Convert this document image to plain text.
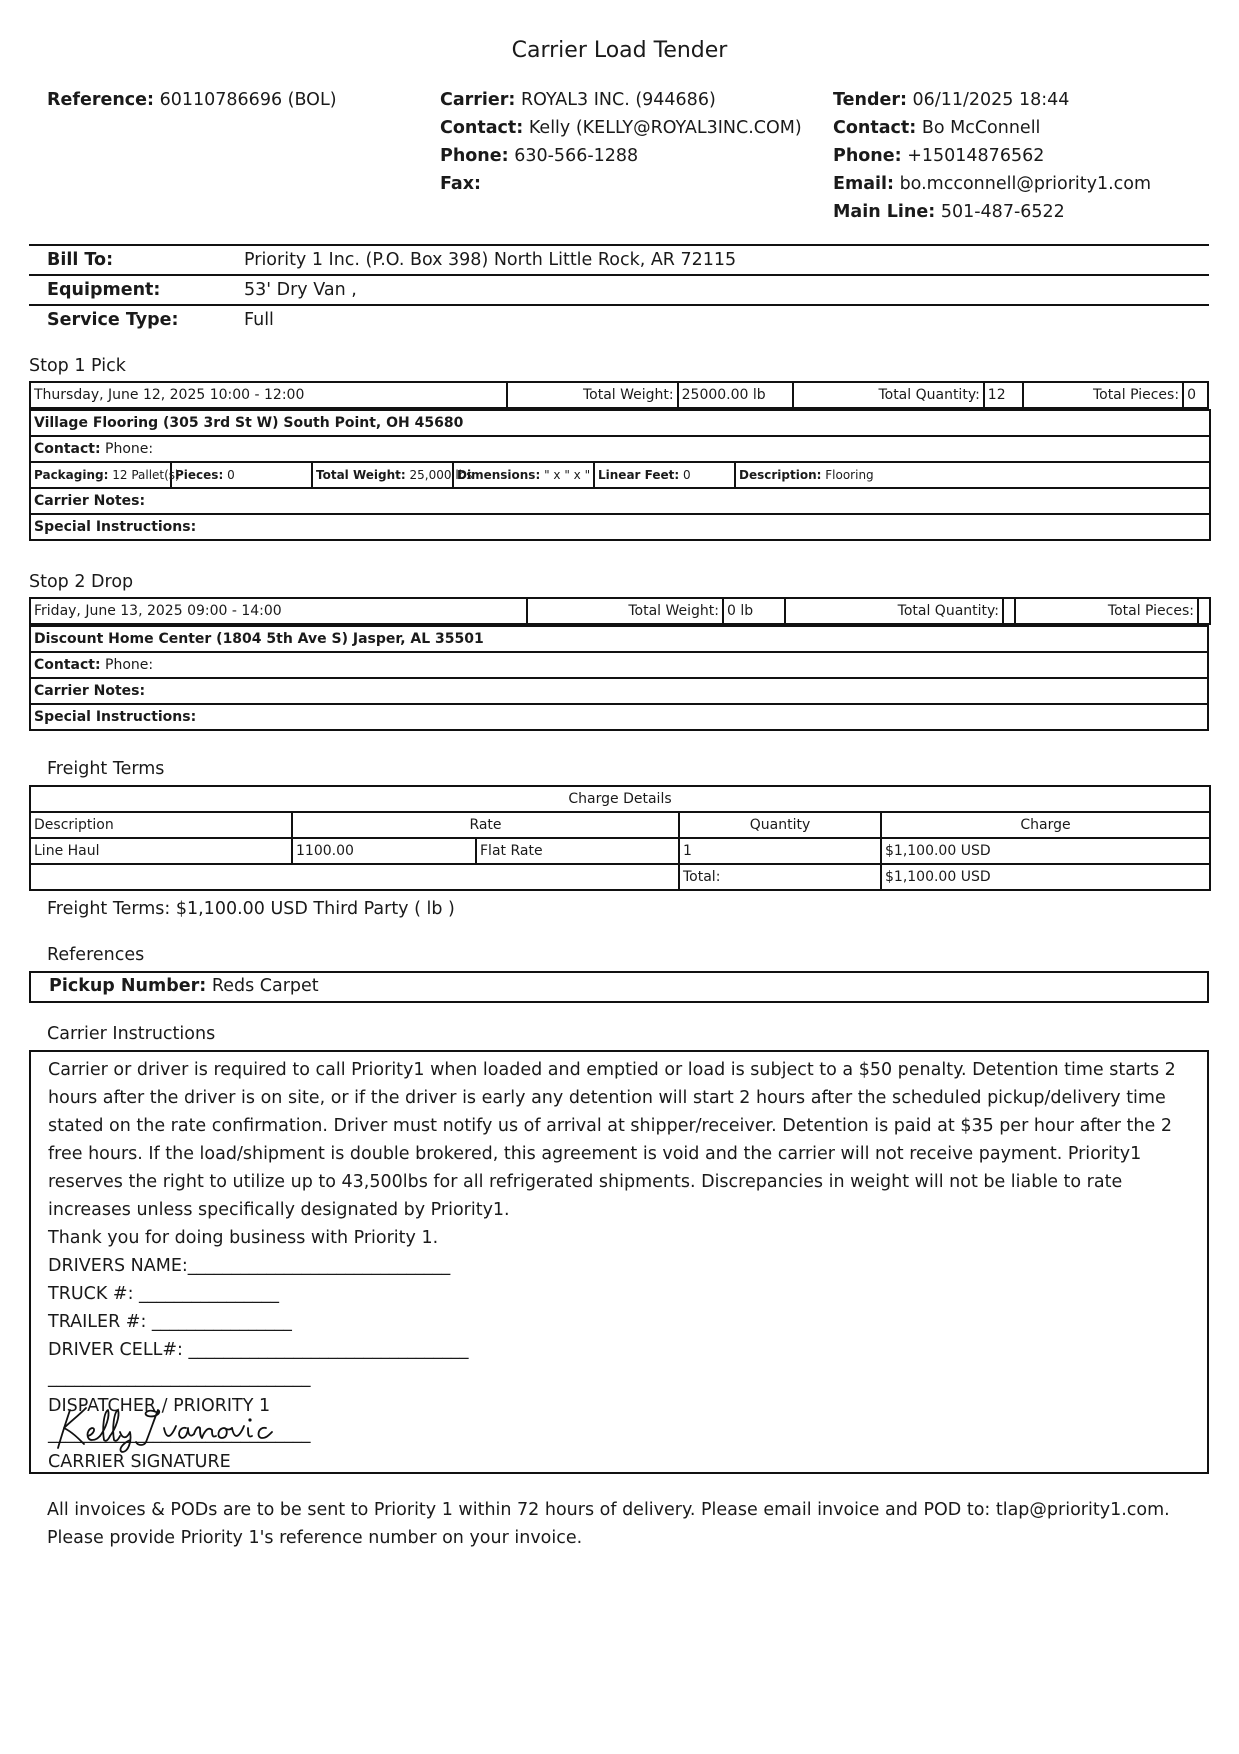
Carrier Load Tender
Reference: 60110786696 (BOL)	Carrier: ROYAL3 INC. (944686)
Contact: Kelly (KELLY@ROYAL3INC.COM)
Phone: 630-566-1288
Fax:
Tender: 06/11/2025 18:44
Contact: Bo McConnell
Phone: +15014876562
Email: bo.mcconnell@priority1.com
Main Line: 501-487-6522
Bill To:	Priority 1 Inc. (P.O. Box 398) North Little Rock, AR 72115
Equipment:	53' Dry Van ,
Service Type:	Full
Stop 1 Pick
Thursday, June 12, 2025 10:00 - 12:00	Total Weight:	25000.00 lb	Total Quantity:	12	Total Pieces:	0
Village Flooring (305 3rd St W) South Point, OH 45680
Contact: Phone:
Packaging: 12 Pallet(s)	Pieces: 0	Total Weight: 25,000 lbs	Dimensions: " x " x "	Linear Feet: 0	Description: Flooring
Carrier Notes:
Special Instructions:
Stop 2 Drop
Friday, June 13, 2025 09:00 - 14:00	Total Weight:	0 lb	Total Quantity:		Total Pieces:	
Discount Home Center (1804 5th Ave S) Jasper, AL 35501
Contact: Phone:
Carrier Notes:
Special Instructions:
Freight Terms
Charge Details				
Description	Rate		Quantity	Charge
Line Haul	1100.00	Flat Rate	1	$1,100.00 USD
			Total:	$1,100.00 USD
Freight Terms: $1,100.00 USD Third Party ( lb )
References
Pickup Number: Reds Carpet
Carrier Instructions

Carrier or driver is required to call Priority1 when loaded and emptied or load is subject to a $50 penalty. Detention time starts 2 hours after the driver is on site, or if the driver is early any detention will start 2 hours after the scheduled pickup/delivery time stated on the rate confirmation. Driver must notify us of arrival at shipper/receiver. Detention is paid at $35 per hour after the 2 free hours. If the load/shipment is double brokered, this agreement is void and the carrier will not receive payment. Priority1 reserves the right to utilize up to 43,500lbs for all refrigerated shipments. Discrepancies in weight will not be liable to rate increases unless specifically designated by Priority1.

Thank you for doing business with Priority 1.

DRIVERS NAME:______________________________

TRUCK #: ________________

TRAILER #: ________________

DRIVER CELL#: ________________________________

______________________________

DISPATCHER / PRIORITY 1

______________________________

CARRIER SIGNATURE

All invoices & PODs are to be sent to Priority 1 within 72 hours of delivery. Please email invoice and POD to: tlap@priority1.com. Please provide Priority 1's reference number on your invoice.
